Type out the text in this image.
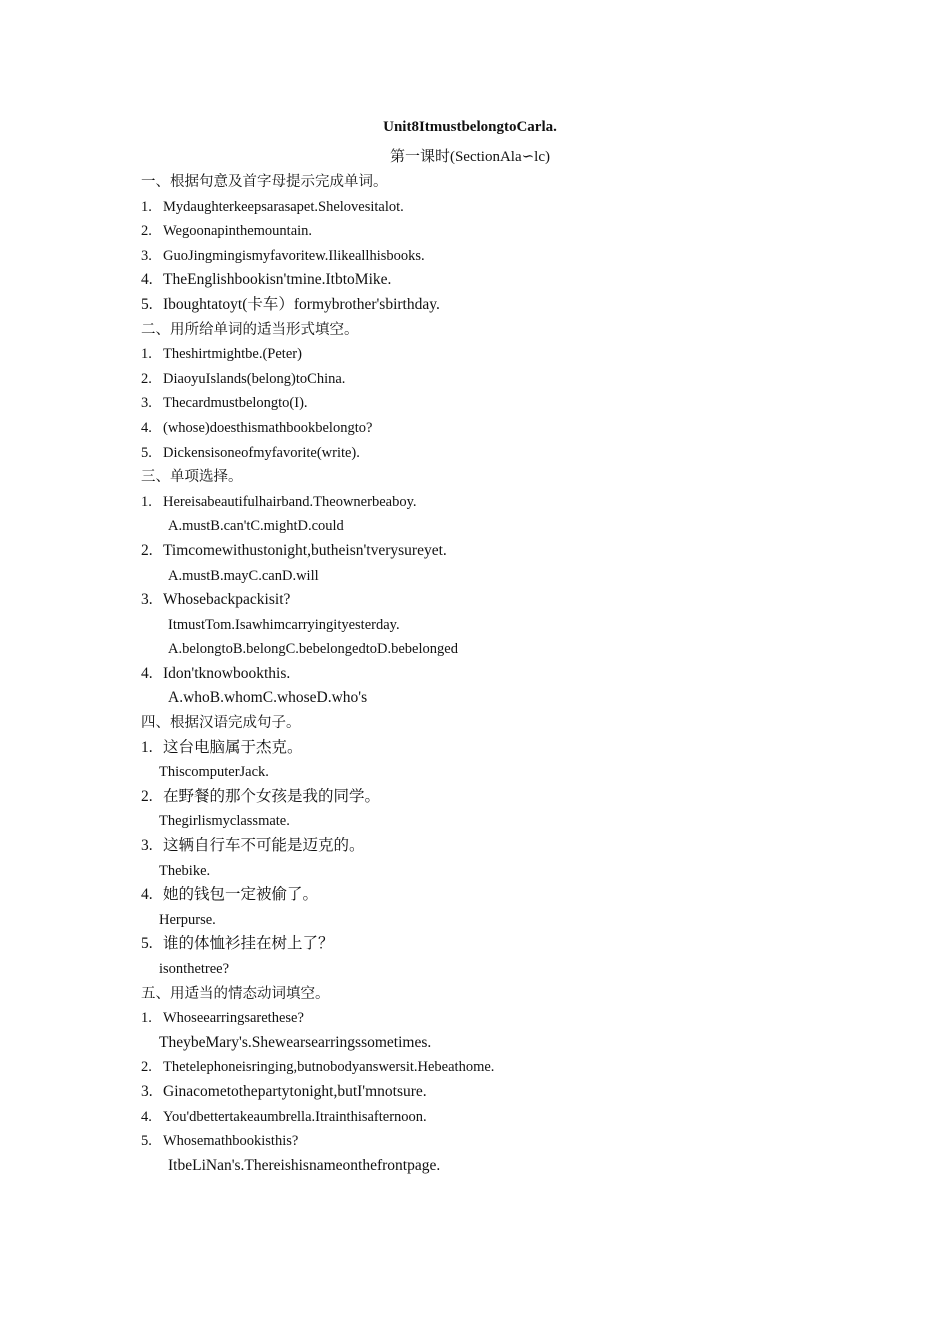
Unit8ItmustbelongtoCarla.
第一课时(SectionAla∽lc)
一、根据句意及首字母提示完成单词。
1. Mydaughterkeepsarasapet.Shelovesitalot.
2. Wegoonapinthemountain.
3. GuoJingmingismyfavoritew.Ilikeallhisbooks.
4. TheEnglishbookisn'tmine.ItbtoMike.
5. Iboughtatoyt(卡车）formybrother'sbirthday.
二、用所给单词的适当形式填空。
1. Theshirtmightbe.(Peter)
2. DiaoyuIslands(belong)toChina.
3. Thecardmustbelongto(I).
4. (whose)doesthismathbookbelongto?
5. Dickensisoneofmyfavorite(write).
三、单项选择。
1. Hereisabeautifulhairband.Theownerbeaboy.
A.mustB.can'tC.mightD.could
2. Timcomewithustonight,butheisn'tverysureyet.
A.mustB.mayC.canD.will
3. Whosebackpackisit?
ItmustTom.Isawhimcarryingityesterday.
A.belongtoB.belongC.bebelongedtoD.bebelonged
4. Idon'tknowbookthis.
A.whoB.whomC.whoseD.who's
四、根据汉语完成句子。
1. 这台电脑属于杰克。
ThiscomputerJack.
2. 在野餐的那个女孩是我的同学。
Thegirlismyclassmate.
3. 这辆自行车不可能是迈克的。
Thebike.
4. 她的钱包一定被偷了。
Herpurse.
5. 谁的体恤衫挂在树上了？
isonthetree?
五、用适当的情态动词填空。
1. Whoseearringsarethese?
TheybeMary's.Shewearsearringssometimes.
2. Thetelephoneisringing,butnobodyanswersit.Hebeathome.
3. Ginacometothepartytonight,butI'mnotsure.
4. You'dbettertakeaumbrella.Itrainthisafternoon.
5. Whosemathbookisthis?
ItbeLiNan's.Thereishisnameonthefrontpage.
